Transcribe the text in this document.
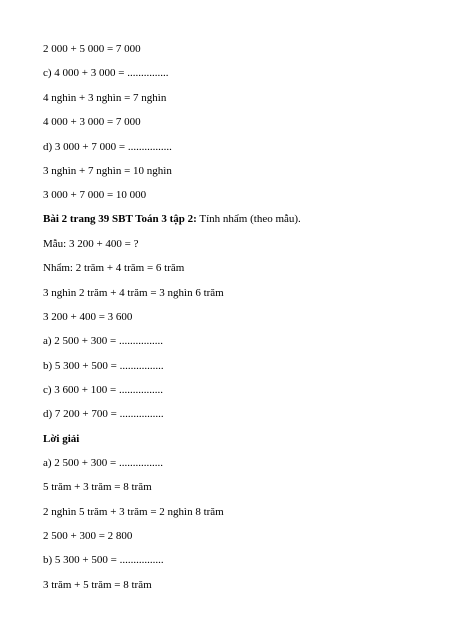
2 000 + 5 000 = 7 000
c) 4 000 + 3 000 = ...............
4 nghìn + 3 nghìn = 7 nghìn
4 000 + 3 000 = 7 000
d) 3 000 + 7 000 = ................
3 nghìn + 7 nghìn = 10 nghìn
3 000 + 7 000 = 10 000
Bài 2 trang 39 SBT Toán 3 tập 2: Tính nhẩm (theo mẫu).
Mẫu: 3 200 + 400 = ?
Nhẩm: 2 trăm + 4 trăm = 6 trăm
3 nghìn 2 trăm + 4 trăm = 3 nghìn 6 trăm
3 200 + 400 = 3 600
a) 2 500 + 300 = ................
b) 5 300 + 500 = ................
c) 3 600 + 100 = ................
d) 7 200 + 700 = ................
Lời giải
a) 2 500 + 300 = ................
5 trăm + 3 trăm = 8 trăm
2 nghìn 5 trăm + 3 trăm = 2 nghìn 8 trăm
2 500 + 300 = 2 800
b) 5 300 + 500 = ................
3 trăm + 5 trăm = 8 trăm
